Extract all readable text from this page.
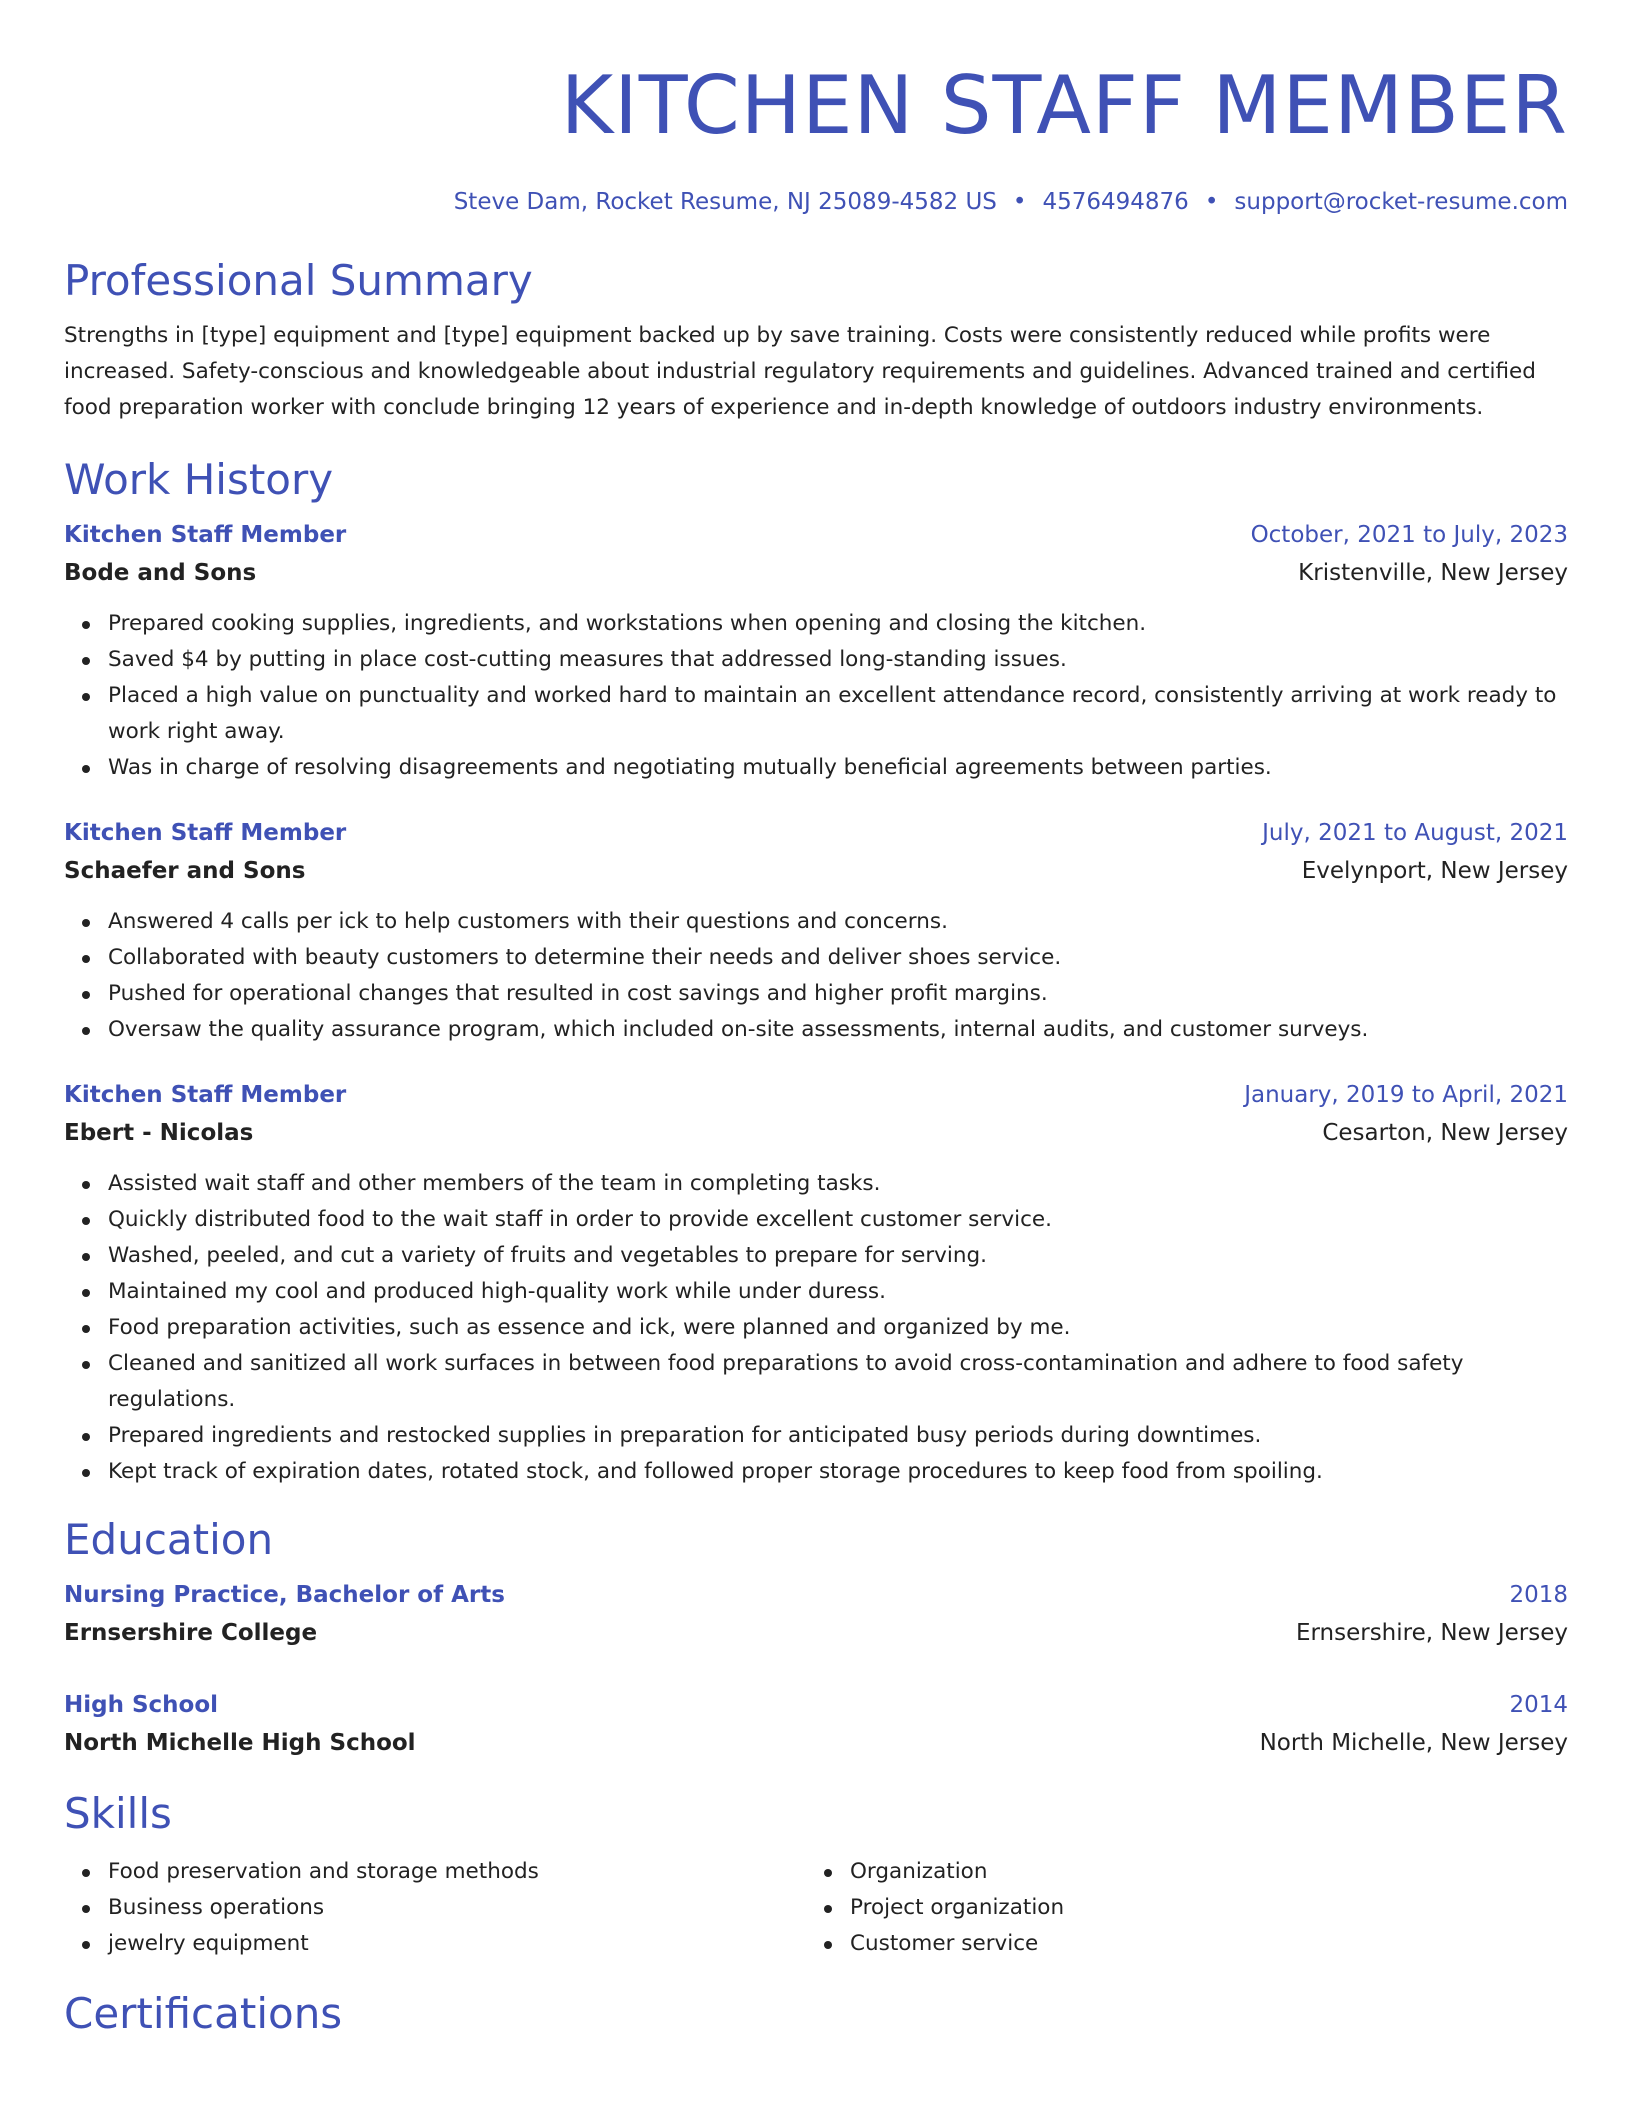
KITCHEN STAFF MEMBER
Steve Dam, Rocket Resume, NJ 25089-4582 US • 4576494876 • support@rocket-resume.com
Professional Summary
Strengths in [type] equipment and [type] equipment backed up by save training. Costs were consistently reduced while profits were increased. Safety-conscious and knowledgeable about industrial regulatory requirements and guidelines. Advanced trained and certified food preparation worker with conclude bringing 12 years of experience and in-depth knowledge of outdoors industry environments.
Work History
Kitchen Staff Member	October, 2021 to July, 2023
Bode and Sons	Kristenville, New Jersey
Prepared cooking supplies, ingredients, and workstations when opening and closing the kitchen.
Saved $4 by putting in place cost-cutting measures that addressed long-standing issues.
Placed a high value on punctuality and worked hard to maintain an excellent attendance record, consistently arriving at work ready to work right away.
Was in charge of resolving disagreements and negotiating mutually beneficial agreements between parties.
Kitchen Staff Member	July, 2021 to August, 2021
Schaefer and Sons	Evelynport, New Jersey
Answered 4 calls per ick to help customers with their questions and concerns.
Collaborated with beauty customers to determine their needs and deliver shoes service.
Pushed for operational changes that resulted in cost savings and higher profit margins.
Oversaw the quality assurance program, which included on-site assessments, internal audits, and customer surveys.
Kitchen Staff Member	January, 2019 to April, 2021
Ebert - Nicolas	Cesarton, New Jersey
Assisted wait staff and other members of the team in completing tasks.
Quickly distributed food to the wait staff in order to provide excellent customer service.
Washed, peeled, and cut a variety of fruits and vegetables to prepare for serving.
Maintained my cool and produced high-quality work while under duress.
Food preparation activities, such as essence and ick, were planned and organized by me.
Cleaned and sanitized all work surfaces in between food preparations to avoid cross-contamination and adhere to food safety regulations.
Prepared ingredients and restocked supplies in preparation for anticipated busy periods during downtimes.
Kept track of expiration dates, rotated stock, and followed proper storage procedures to keep food from spoiling.
Education
Nursing Practice, Bachelor of Arts	2018
Ernsershire College	Ernsershire, New Jersey
High School	2014
North Michelle High School	North Michelle, New Jersey
Skills
Food preservation and storage methods
Business operations
jewelry equipment
Organization
Project organization
Customer service
Certifications
